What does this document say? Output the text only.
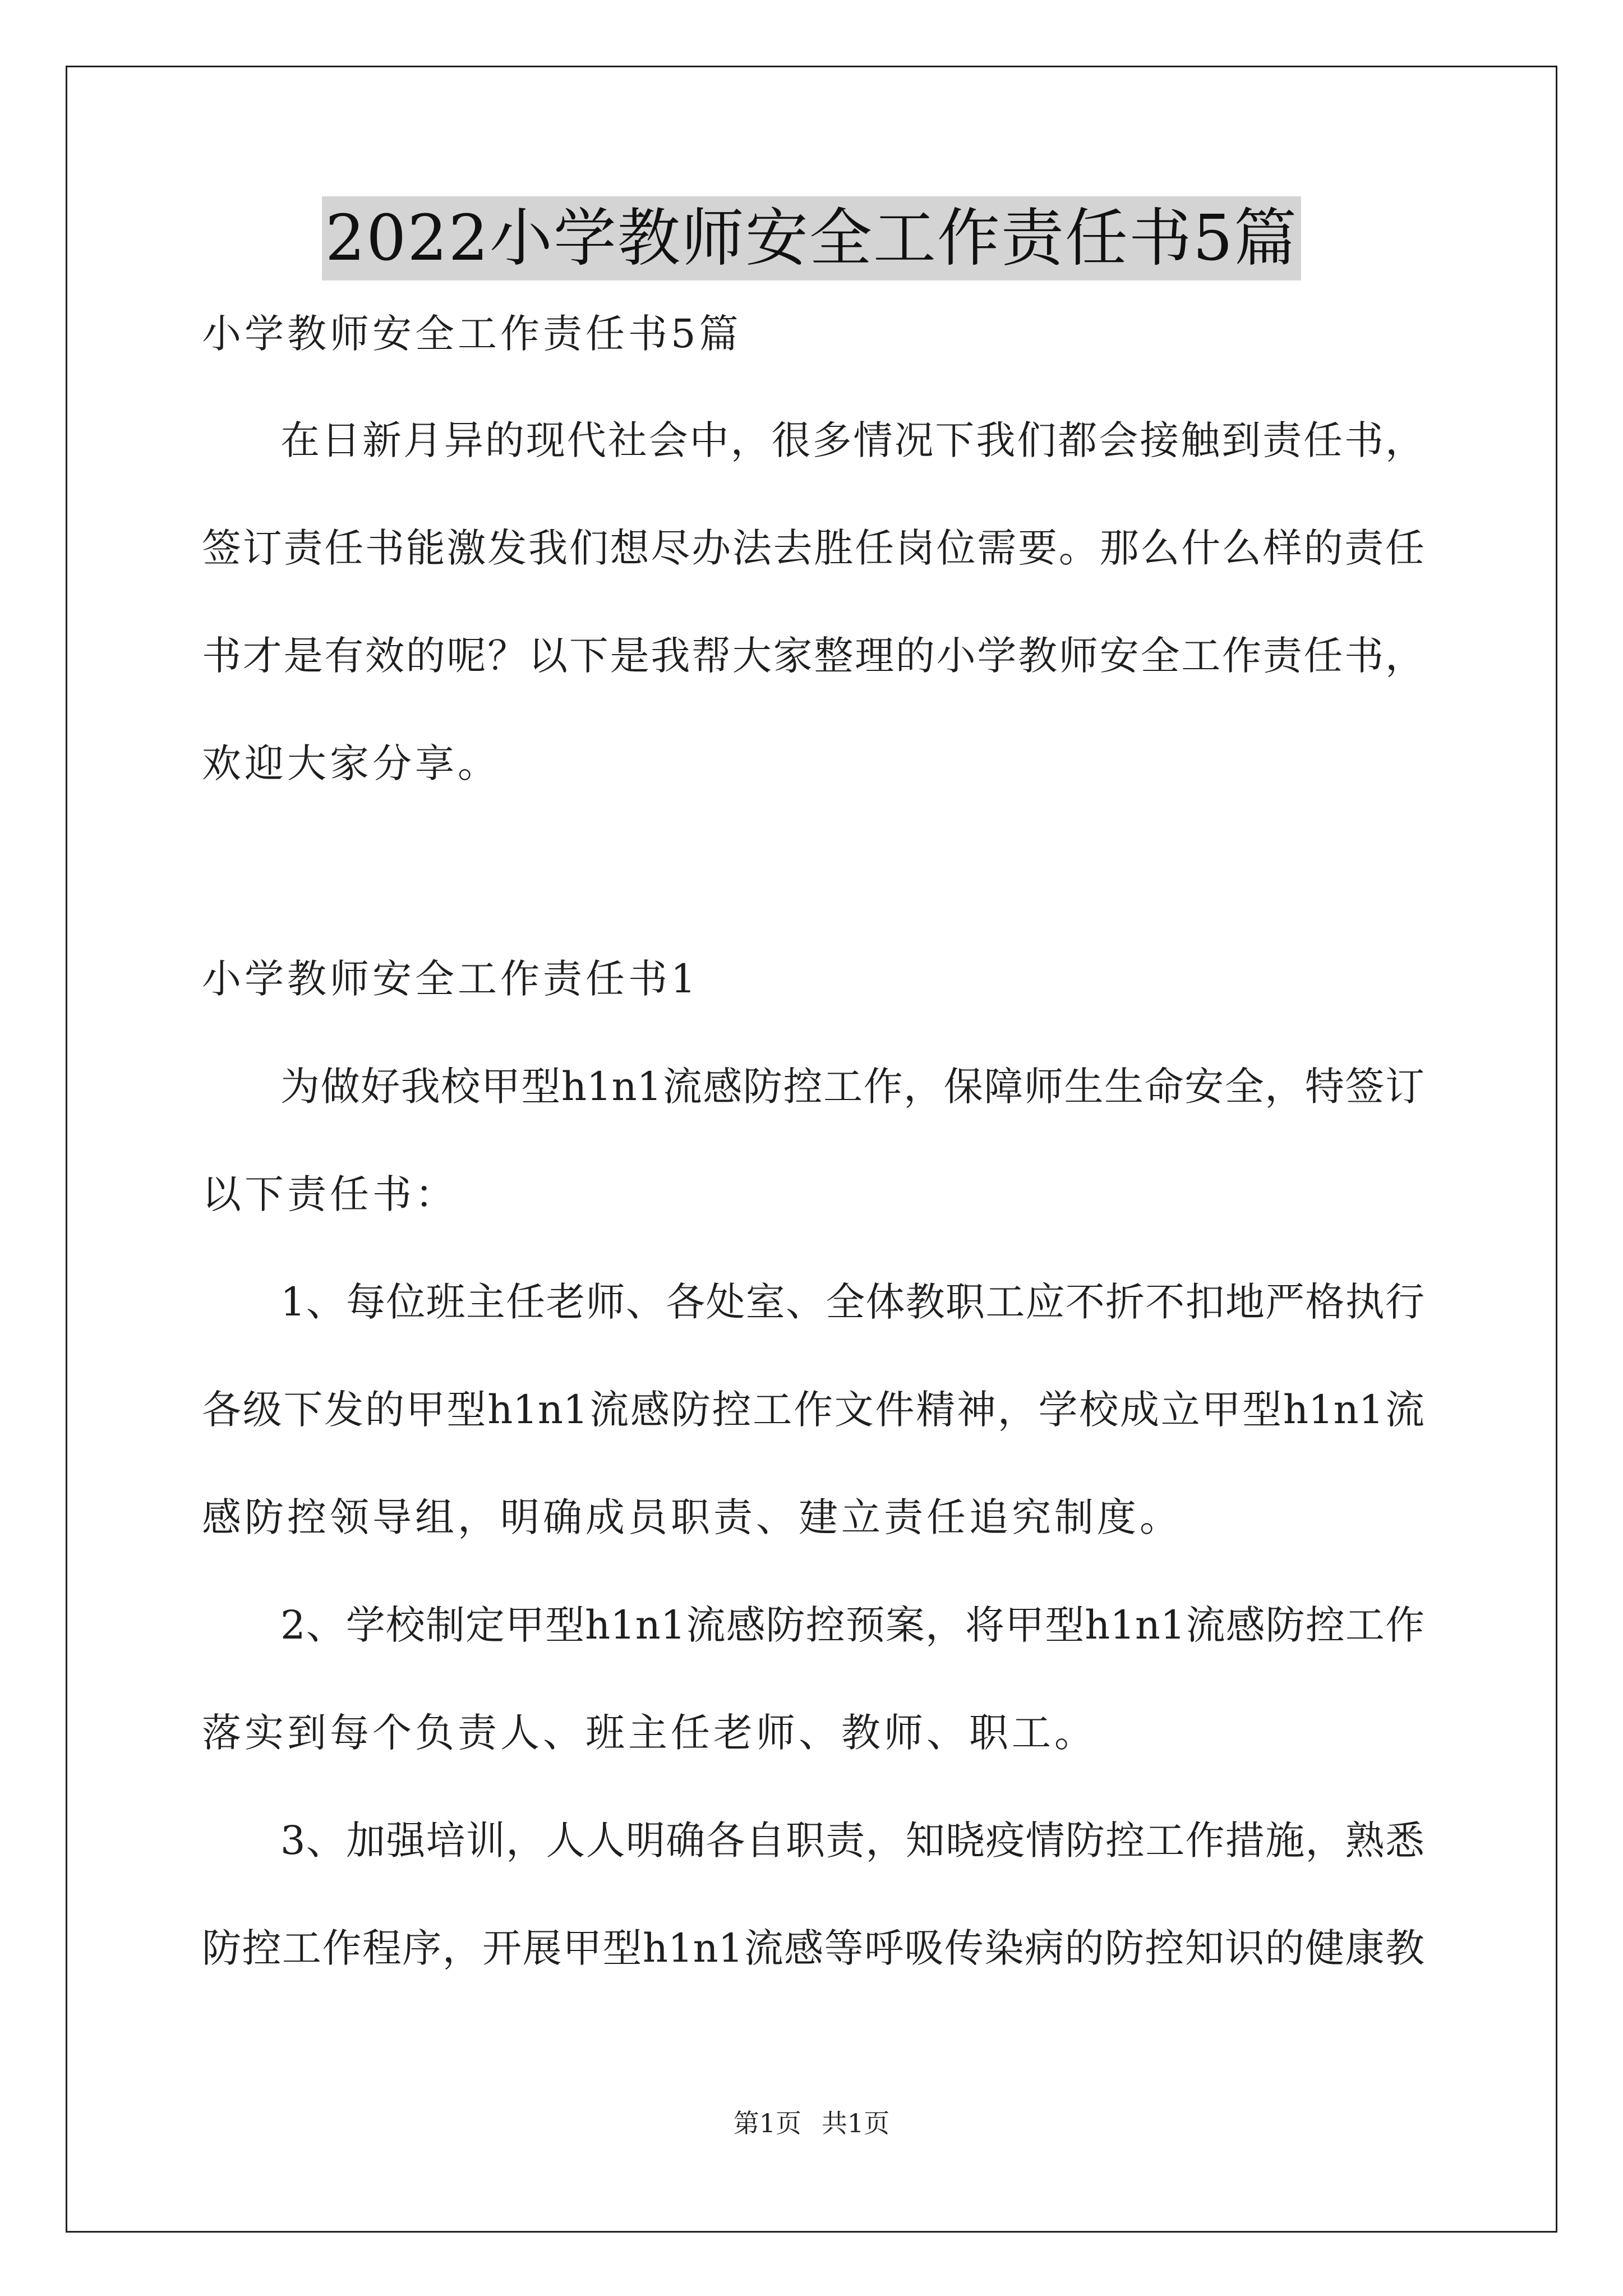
2022小学教师安全工作责任书5篇
小学教师安全工作责任书5篇
在日新月异的现代社会中，很多情况下我们都会接触到责任书，
签订责任书能激发我们想尽办法去胜任岗位需要。那么什么样的责任
书才是有效的呢？以下是我帮大家整理的小学教师安全工作责任书，
欢迎大家分享。
小学教师安全工作责任书1
为做好我校甲型h1n1流感防控工作，保障师生生命安全，特签订
以下责任书：
1、每位班主任老师、各处室、全体教职工应不折不扣地严格执行
各级下发的甲型h1n1流感防控工作文件精神，学校成立甲型h1n1流
感防控领导组，明确成员职责、建立责任追究制度。
2、学校制定甲型h1n1流感防控预案，将甲型h1n1流感防控工作
落实到每个负责人、班主任老师、教师、职工。
3、加强培训，人人明确各自职责，知晓疫情防控工作措施，熟悉
防控工作程序，开展甲型h1n1流感等呼吸传染病的防控知识的健康教
第1页 共1页
